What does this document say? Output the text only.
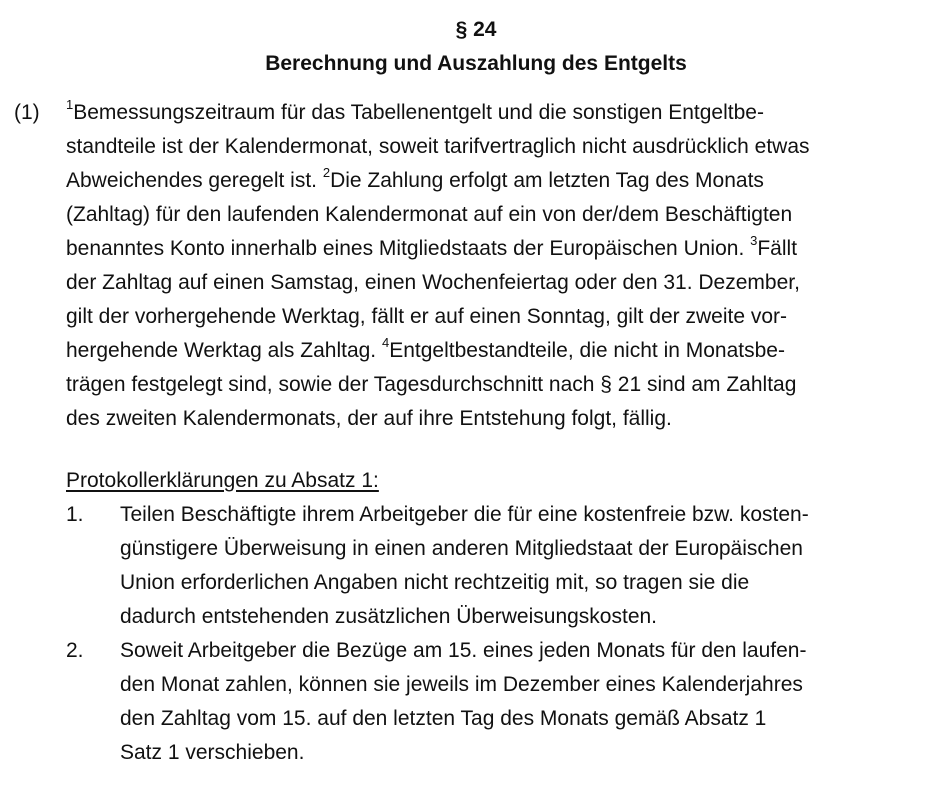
§ 24
Berechnung und Auszahlung des Entgelts
(1) $^1$Bemessungszeitraum für das Tabellenentgelt und die sonstigen Entgeltbe-
standteile ist der Kalendermonat, soweit tarifvertraglich nicht ausdrücklich etwas
Abweichendes geregelt ist. $^2$Die Zahlung erfolgt am letzten Tag des Monats
(Zahltag) für den laufenden Kalendermonat auf ein von der/dem Beschäftigten
benanntes Konto innerhalb eines Mitgliedstaats der Europäischen Union. $^3$Fällt
der Zahltag auf einen Samstag, einen Wochenfeiertag oder den 31. Dezember,
gilt der vorhergehende Werktag, fällt er auf einen Sonntag, gilt der zweite vor-
hergehende Werktag als Zahltag. $^4$Entgeltbestandteile, die nicht in Monatsbe-
trägen festgelegt sind, sowie der Tagesdurchschnitt nach § 21 sind am Zahltag
des zweiten Kalendermonats, der auf ihre Entstehung folgt, fällig.
Protokollerklärungen zu Absatz 1:
1. Teilen Beschäftigte ihrem Arbeitgeber die für eine kostenfreie bzw. kosten-
günstigere Überweisung in einen anderen Mitgliedstaat der Europäischen
Union erforderlichen Angaben nicht rechtzeitig mit, so tragen sie die
dadurch entstehenden zusätzlichen Überweisungskosten.
2. Soweit Arbeitgeber die Bezüge am 15. eines jeden Monats für den laufen-
den Monat zahlen, können sie jeweils im Dezember eines Kalenderjahres
den Zahltag vom 15. auf den letzten Tag des Monats gemäß Absatz 1
Satz 1 verschieben.
